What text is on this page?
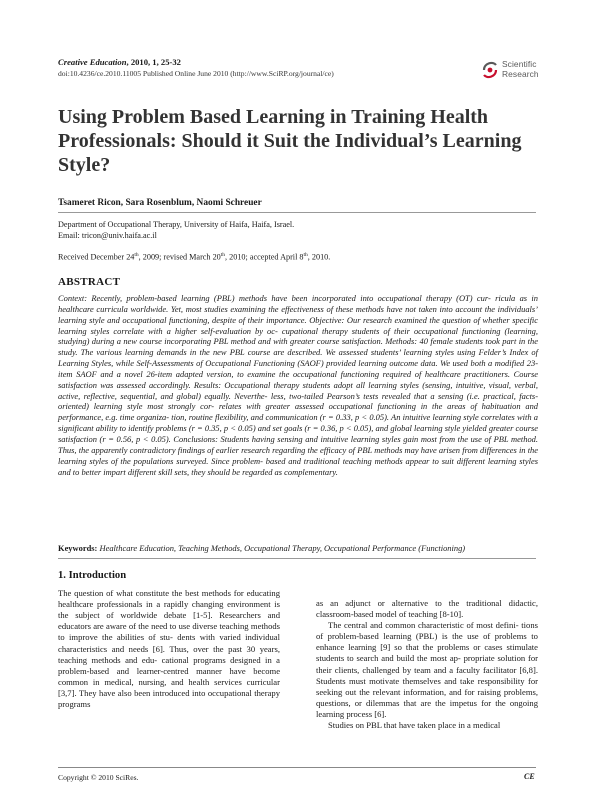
Creative Education, 2010, 1, 25-32
doi:10.4236/ce.2010.11005 Published Online June 2010 (http://www.SciRP.org/journal/ce)
Scientific
Research
Using Problem Based Learning in Training Health Professionals: Should it Suit the Individual’s Learning Style?
Tsameret Ricon, Sara Rosenblum, Naomi Schreuer
Department of Occupational Therapy, University of Haifa, Haifa, Israel.
Email: tricon@univ.haifa.ac.il
Received December 24th, 2009; revised March 20th, 2010; accepted April 8th, 2010.
ABSTRACT

Context: Recently, problem-based learning (PBL) methods have been incorporated into occupational therapy (OT) cur- ricula as in healthcare curricula worldwide. Yet, most studies examining the effectiveness of these methods have not taken into account the individuals’ learning style and occupational functioning, despite of their importance. Objective: Our research examined the question of whether specific learning styles correlate with a higher self-evaluation by oc- cupational therapy students of their occupational functioning (learning, studying) during a new course incorporating PBL method and with greater course satisfaction. Methods: 40 female students took part in the study. The various learning demands in the new PBL course are described. We assessed students’ learning styles using Felder’s Index of Learning Styles, while Self-Assessments of Occupational Functioning (SAOF) provided learning outcome data. We used both a modified 23-item SAOF and a novel 26-item adapted version, to examine the occupational functioning required of healthcare practitioners. Course satisfaction was assessed accordingly. Results: Occupational therapy students adopt all learning styles (sensing, intuitive, visual, verbal, active, reflective, sequential, and global) equally. Neverthe- less, two-tailed Pearson’s tests revealed that a sensing (i.e. practical, facts-oriented) learning style most strongly cor- relates with greater assessed occupational functioning in the areas of habituation and performance, e.g. time organiza- tion, routine flexibility, and communication (r = 0.33, p < 0.05). An intuitive learning style correlates with a significant ability to identify problems (r = 0.35, p < 0.05) and set goals (r = 0.36, p < 0.05), and global learning style yielded greater course satisfaction (r = 0.56, p < 0.05). Conclusions: Students having sensing and intuitive learning styles gain most from the use of PBL method. Thus, the apparently contradictory findings of earlier research regarding the efficacy of PBL methods may have arisen from differences in the learning styles of the populations surveyed. Since problem- based and traditional teaching methods appear to suit different learning styles and to better impart different skill sets, they should be regarded as complementary.

Keywords: Healthcare Education, Teaching Methods, Occupational Therapy, Occupational Performance (Functioning)

1. Introduction

The question of what constitute the best methods for educating healthcare professionals in a rapidly changing environment is the subject of worldwide debate [1-5]. Researchers and educators are aware of the need to use diverse teaching methods to improve the abilities of stu- dents with varied individual characteristics and needs [6]. Thus, over the past 30 years, teaching methods and edu- cational programs designed in a problem-based and learner-centred manner have become common in medical, nursing, and health services curricular [3,7]. They have also been introduced into occupational therapy programs

as an adjunct or alternative to the traditional didactic, classroom-based model of teaching [8-10].

The central and common characteristic of most defini- tions of problem-based learning (PBL) is the use of problems to enhance learning [9] so that the problems or cases stimulate students to search and build the most ap- propriate solution for their clients, challenged by team and a faculty facilitator [6,8]. Students must motivate themselves and take responsibility for seeking out the relevant information, and for raising problems, questions, or dilemmas that are the impetus for the ongoing learning process [6].

Studies on PBL that have taken place in a medical

Copyright © 2010 SciRes.	CE
